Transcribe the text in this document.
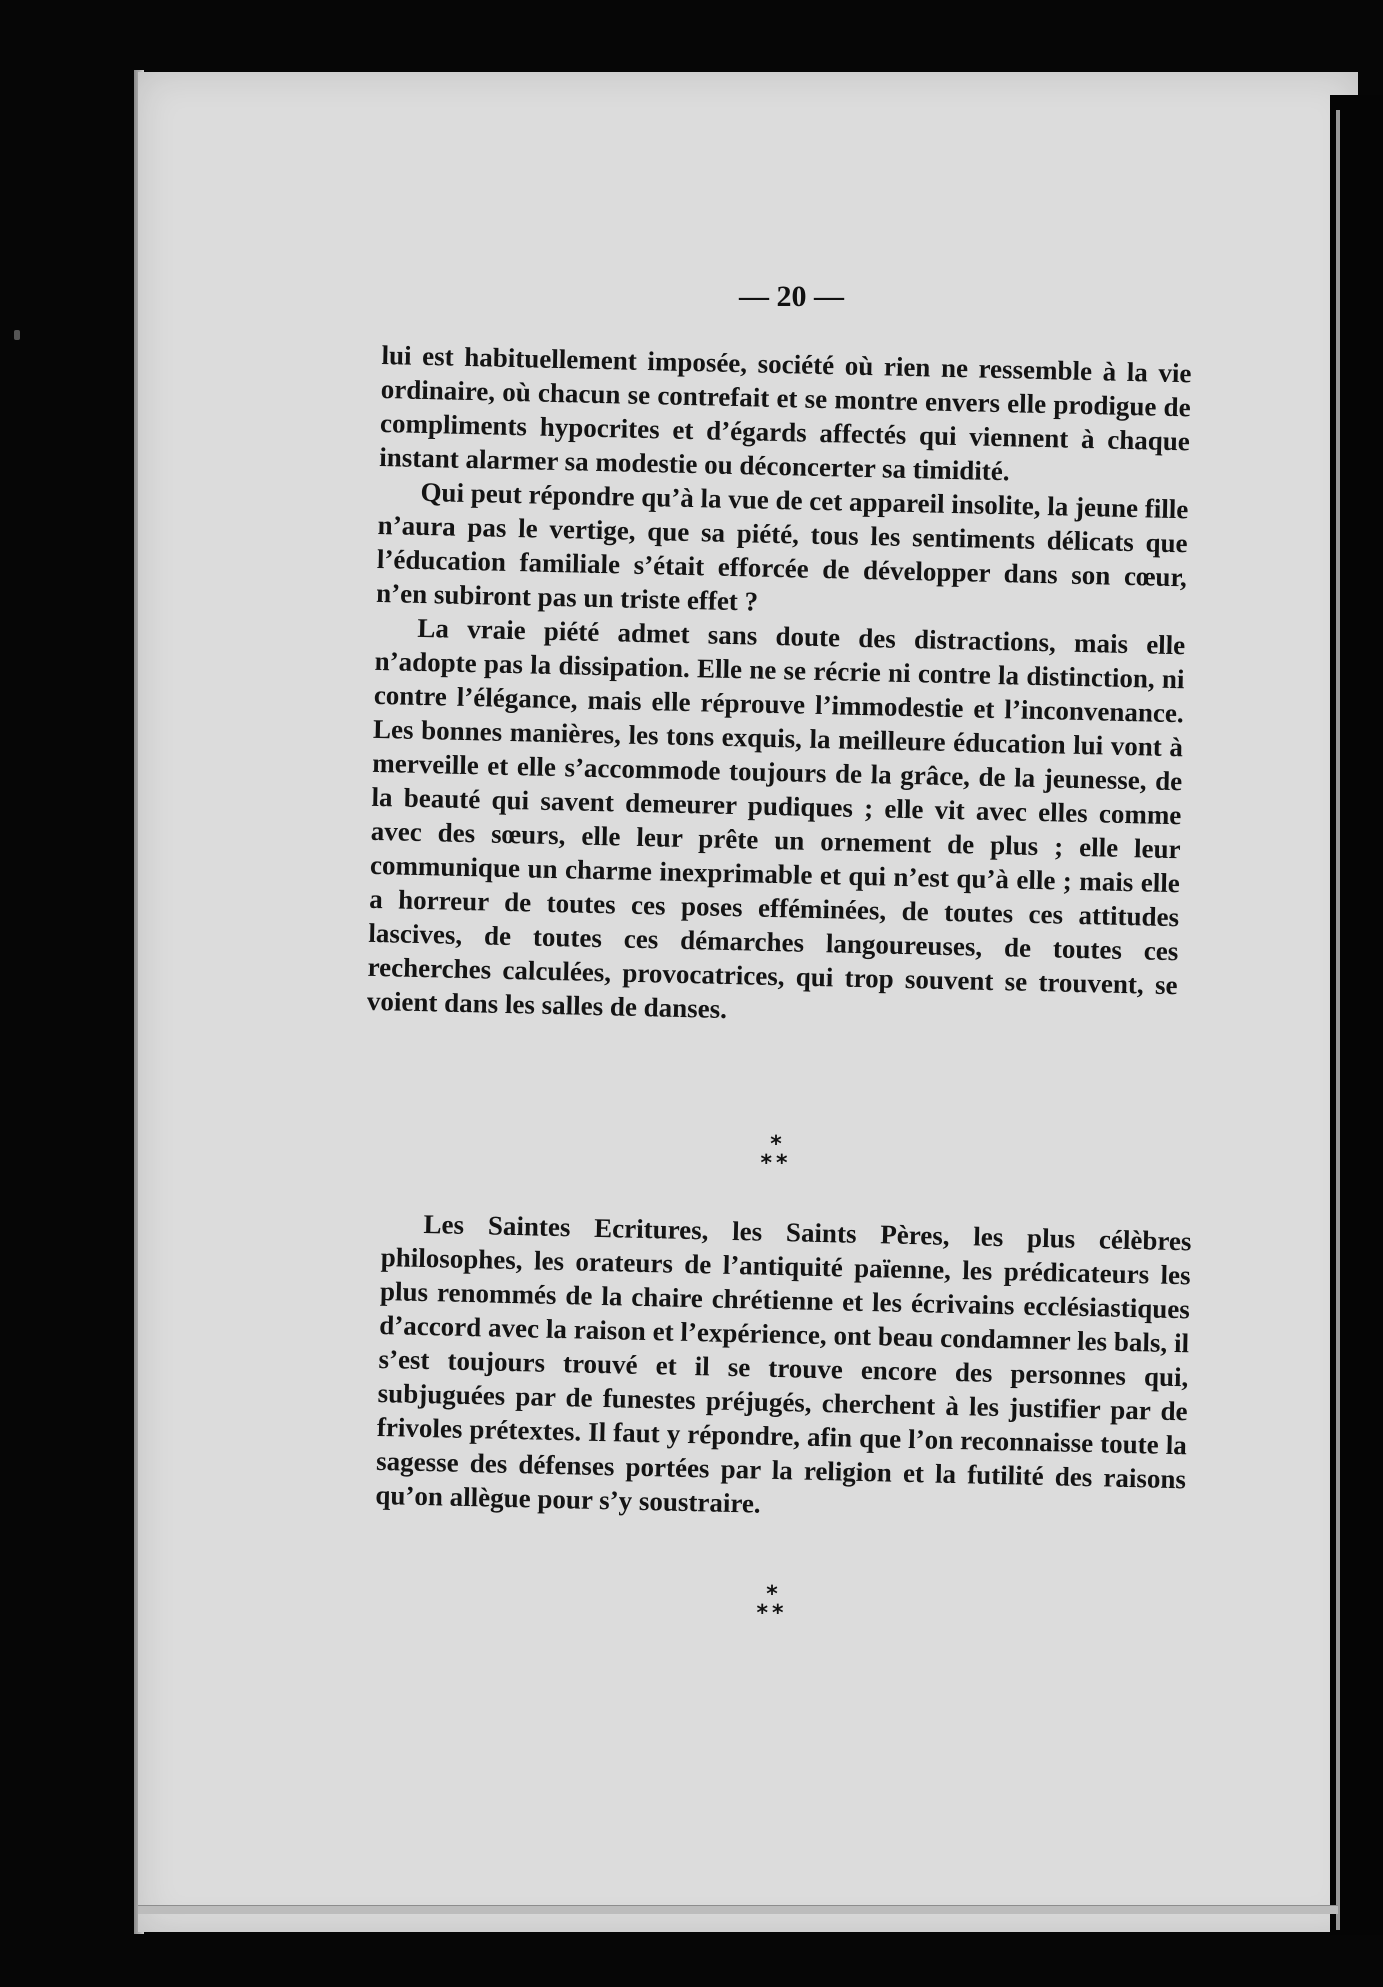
— 20 —

lui est habituellement imposée, société où rien ne ressemble à la vie ordinaire, où chacun se contrefait et se montre envers elle prodigue de compliments hypocrites et d’égards affectés qui viennent à chaque instant alarmer sa modestie ou déconcerter sa timidité.

Qui peut répondre qu’à la vue de cet appareil insolite, la jeune fille n’aura pas le vertige, que sa piété, tous les sentiments délicats que l’éducation familiale s’était efforcée de développer dans son cœur, n’en subiront pas un triste effet ?

La vraie piété admet sans doute des distractions, mais elle n’adopte pas la dissipation. Elle ne se récrie ni contre la distinction, ni contre l’élégance, mais elle réprouve l’immodestie et l’inconvenance. Les bonnes manières, les tons exquis, la meilleure éducation lui vont à merveille et elle s’accommode toujours de la grâce, de la jeunesse, de la beauté qui savent demeurer pudiques ; elle vit avec elles comme avec des sœurs, elle leur prête un ornement de plus ; elle leur communique un charme inexprimable et qui n’est qu’à elle ; mais elle a horreur de toutes ces poses efféminées, de toutes ces attitudes lascives, de toutes ces démarches langoureuses, de toutes ces recherches calculées, provocatrices, qui trop souvent se trouvent, se voient dans les salles de danses.

*
**

Les Saintes Ecritures, les Saints Pères, les plus célèbres philosophes, les orateurs de l’antiquité païenne, les prédicateurs les plus renommés de la chaire chrétienne et les écrivains ecclésiastiques d’accord avec la raison et l’expérience, ont beau condamner les bals, il s’est toujours trouvé et il se trouve encore des personnes qui, subjuguées par de funestes préjugés, cherchent à les justifier par de frivoles prétextes. Il faut y répondre, afin que l’on reconnaisse toute la sagesse des défenses portées par la religion et la futilité des raisons qu’on allègue pour s’y soustraire.

*
**
